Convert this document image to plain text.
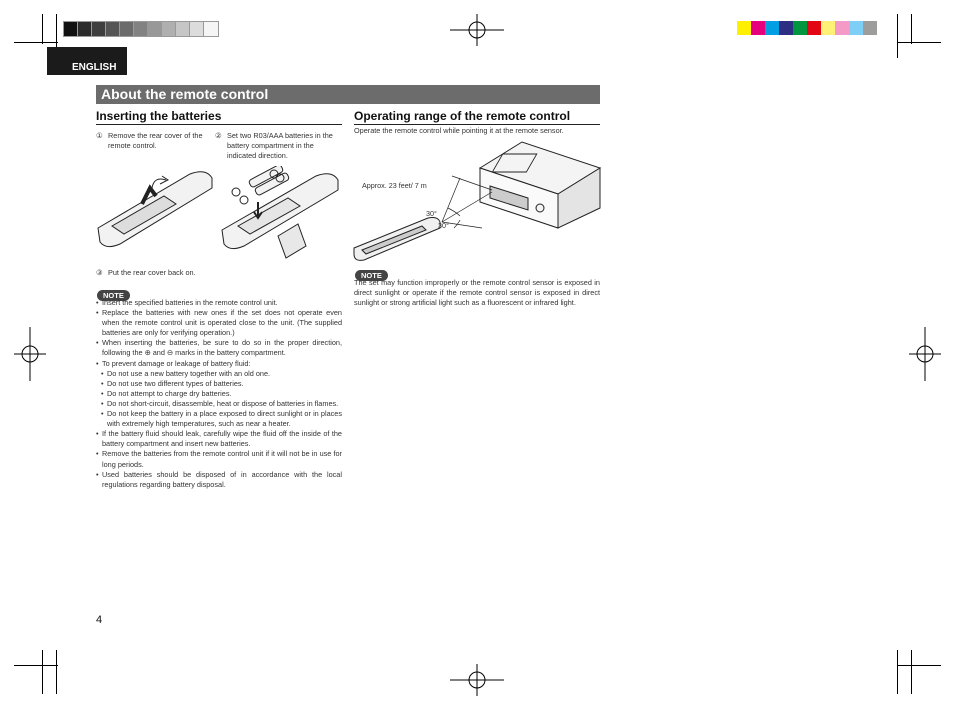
ENGLISH
About the remote control
Inserting the batteries
① Remove the rear cover of the remote control.
② Set two R03/AAA batteries in the battery compartment in the indicated direction.
③ Put the rear cover back on.
NOTE
• Insert the specified batteries in the remote control unit.
• Replace the batteries with new ones if the set does not operate even when the remote control unit is operated close to the unit. (The supplied batteries are only for verifying operation.)
• When inserting the batteries, be sure to do so in the proper direction, following the ⊕ and ⊖ marks in the battery compartment.
• To prevent damage or leakage of battery fluid:
• Do not use a new battery together with an old one.
• Do not use two different types of batteries.
• Do not attempt to charge dry batteries.
• Do not short-circuit, disassemble, heat or dispose of batteries in flames.
• Do not keep the battery in a place exposed to direct sunlight or in places with extremely high temperatures, such as near a heater.
• If the battery fluid should leak, carefully wipe the fluid off the inside of the battery compartment and insert new batteries.
• Remove the batteries from the remote control unit if it will not be in use for long periods.
• Used batteries should be disposed of in accordance with the local regulations regarding battery disposal.
Operating range of the remote control
Operate the remote control while pointing it at the remote sensor.
Approx. 23 feet/ 7 m
30°
30°
NOTE
The set may function improperly or the remote control sensor is exposed in direct sunlight or operate if the remote control sensor is exposed in direct sunlight or strong artificial light such as a fluorescent or infrared light.
4
